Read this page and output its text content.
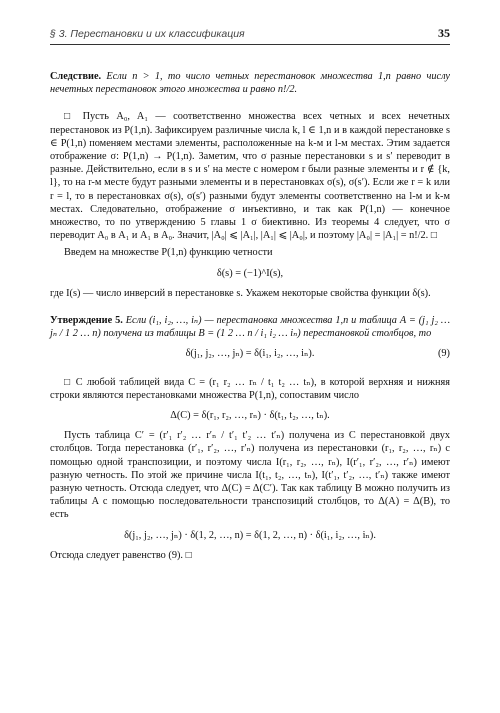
§ 3. Перестановки и их классификация	35

Следствие. Если n > 1, то число четных перестановок множества 1,n равно числу нечетных перестановок этого множества и равно n!/2.

□ Пусть A₀, A₁ — соответственно множества всех четных и всех нечетных перестановок из P(1,n). Зафиксируем различные числа k, l ∈ 1,n и в каждой перестановке s ∈ P(1,n) поменяем местами элементы, расположенные на k-м и l-м местах. Этим задается отображение σ: P(1,n) → P(1,n). Заметим, что σ разные перестановки s и s′ переводит в разные. Действительно, если в s и s′ на месте с номером r были разные элементы и r ∉ {k, l}, то на r-м месте будут разными элементы и в перестановках σ(s), σ(s′). Если же r = k или r = l, то в перестановках σ(s), σ(s′) разными будут элементы соответственно на l-м и k-м местах. Следовательно, отображение σ инъективно, и так как P(1,n) — конечное множество, то по утверждению 5 главы 1 σ биективно. Из теоремы 4 следует, что σ переводит A₀ в A₁ и A₁ в A₀. Значит, |A₀| ⩽ |A₁|, |A₁| ⩽ |A₀|, и поэтому |A₀| = |A₁| = n!/2. □

Введем на множестве P(1,n) функцию четности

δ(s) = (−1)^I(s),

где I(s) — число инверсий в перестановке s. Укажем некоторые свойства функции δ(s).

Утверждение 5. Если (i₁, i₂, …, iₙ) — перестановка множества 1,n и таблица A = (j₁ j₂ … jₙ / 1 2 … n) получена из таблицы B = (1 2 … n / i₁ i₂ … iₙ) перестановкой столбцов, то

δ(j₁, j₂, …, jₙ) = δ(i₁, i₂, …, iₙ).	(9)

□ С любой таблицей вида C = (r₁ r₂ … rₙ / t₁ t₂ … tₙ), в которой верхняя и нижняя строки являются перестановками множества P(1,n), сопоставим число

Δ(C) = δ(r₁, r₂, …, rₙ) · δ(t₁, t₂, …, tₙ).

Пусть таблица C′ = (r′₁ r′₂ … r′ₙ / t′₁ t′₂ … t′ₙ) получена из C перестановкой двух столбцов. Тогда перестановка (r′₁, r′₂, …, r′ₙ) получена из перестановки (r₁, r₂, …, rₙ) с помощью одной транспозиции, и поэтому числа I(r₁, r₂, …, rₙ), I(r′₁, r′₂, …, r′ₙ) имеют разную четность. По этой же причине числа I(t₁, t₂, …, tₙ), I(t′₁, t′₂, …, t′ₙ) также имеют разную четность. Отсюда следует, что Δ(C) = Δ(C′). Так как таблицу B можно получить из таблицы A с помощью последовательности транспозиций столбцов, то Δ(A) = Δ(B), то есть

δ(j₁, j₂, …, jₙ) · δ(1, 2, …, n) = δ(1, 2, …, n) · δ(i₁, i₂, …, iₙ).

Отсюда следует равенство (9). □
